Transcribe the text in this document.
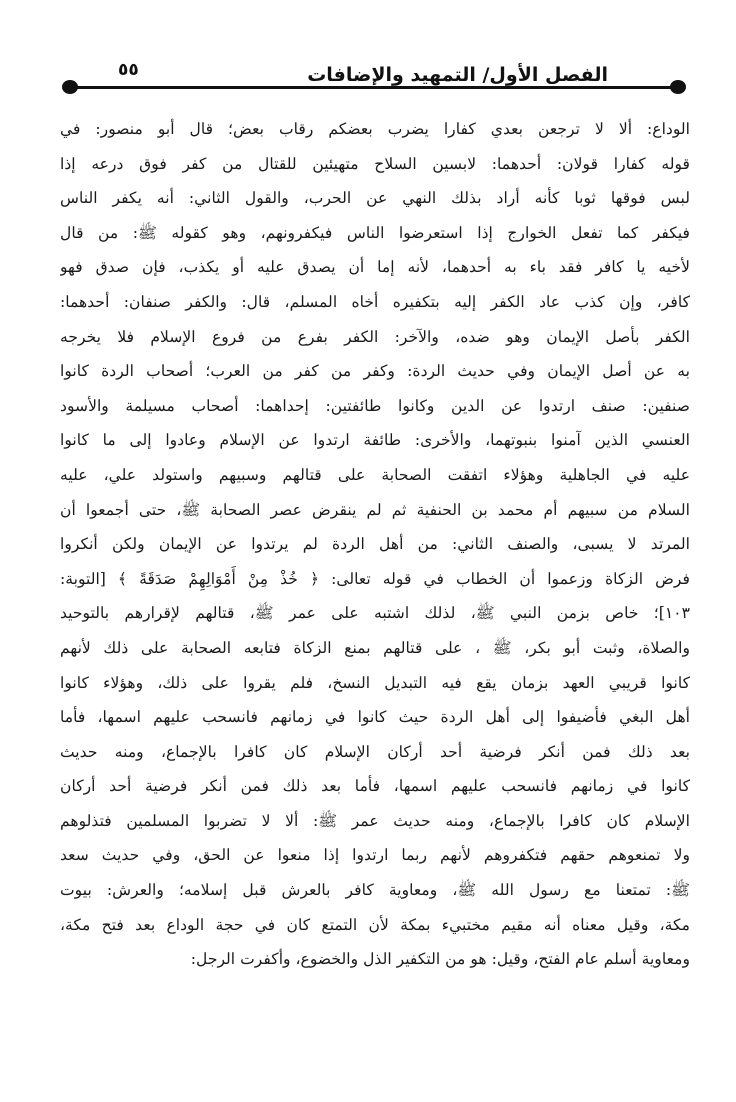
الفصل الأول/ التمهيد والإضافات
٥٥
الوداع: ألا لا ترجعن بعدي كفارا يضرب بعضكم رقاب بعض؛ قال أبو منصور: في
قوله كفارا قولان: أحدهما: لابسين السلاح متهيئين للقتال من كفر فوق درعه إذا
لبس فوقها ثوبا كأنه أراد بذلك النهي عن الحرب، والقول الثاني: أنه يكفر الناس
فيكفر كما تفعل الخوارج إذا استعرضوا الناس فيكفرونهم، وهو كقوله ﷺ: من قال
لأخيه يا كافر فقد باء به أحدهما، لأنه إما أن يصدق عليه أو يكذب، فإن صدق فهو
كافر، وإن كذب عاد الكفر إليه بتكفيره أخاه المسلم، قال: والكفر صنفان: أحدهما:
الكفر بأصل الإيمان وهو ضده، والآخر: الكفر بفرع من فروع الإسلام فلا يخرجه
به عن أصل الإيمان وفي حديث الردة: وكفر من كفر من العرب؛ أصحاب الردة كانوا
صنفين: صنف ارتدوا عن الدين وكانوا طائفتين: إحداهما: أصحاب مسيلمة والأسود
العنسي الذين آمنوا بنبوتهما، والأخرى: طائفة ارتدوا عن الإسلام وعادوا إلى ما كانوا
عليه في الجاهلية وهؤلاء اتفقت الصحابة على قتالهم وسبيهم واستولد علي، عليه
السلام من سبيهم أم محمد بن الحنفية ثم لم ينقرض عصر الصحابة ﷺ، حتى أجمعوا أن
المرتد لا يسبى، والصنف الثاني: من أهل الردة لم يرتدوا عن الإيمان ولكن أنكروا
فرض الزكاة وزعموا أن الخطاب في قوله تعالى: ﴿ خُذْ مِنْ أَمْوَالِهِمْ صَدَقَةً ﴾ [التوبة:
١٠٣]؛ خاص بزمن النبي ﷺ، لذلك اشتبه على عمر ﷺ، قتالهم لإقرارهم بالتوحيد
والصلاة، وثبت أبو بكر، ﷺ ، على قتالهم بمنع الزكاة فتابعه الصحابة على ذلك لأنهم
كانوا قريبي العهد بزمان يقع فيه التبديل النسخ، فلم يقروا على ذلك، وهؤلاء كانوا
أهل البغي فأضيفوا إلى أهل الردة حيث كانوا في زمانهم فانسحب عليهم اسمها، فأما
بعد ذلك فمن أنكر فرضية أحد أركان الإسلام كان كافرا بالإجماع، ومنه حديث
كانوا في زمانهم فانسحب عليهم اسمها، فأما بعد ذلك فمن أنكر فرضية أحد أركان
الإسلام كان كافرا بالإجماع، ومنه حديث عمر ﷺ: ألا لا تضربوا المسلمين فتذلوهم
ولا تمنعوهم حقهم فتكفروهم لأنهم ربما ارتدوا إذا منعوا عن الحق، وفي حديث سعد
ﷺ: تمتعنا مع رسول الله ﷺ، ومعاوية كافر بالعرش قبل إسلامه؛ والعرش: بيوت
مكة، وقيل معناه أنه مقيم مختبيء بمكة لأن التمتع كان في حجة الوداع بعد فتح مكة،
ومعاوية أسلم عام الفتح، وقيل: هو من التكفير الذل والخضوع، وأكفرت الرجل:
